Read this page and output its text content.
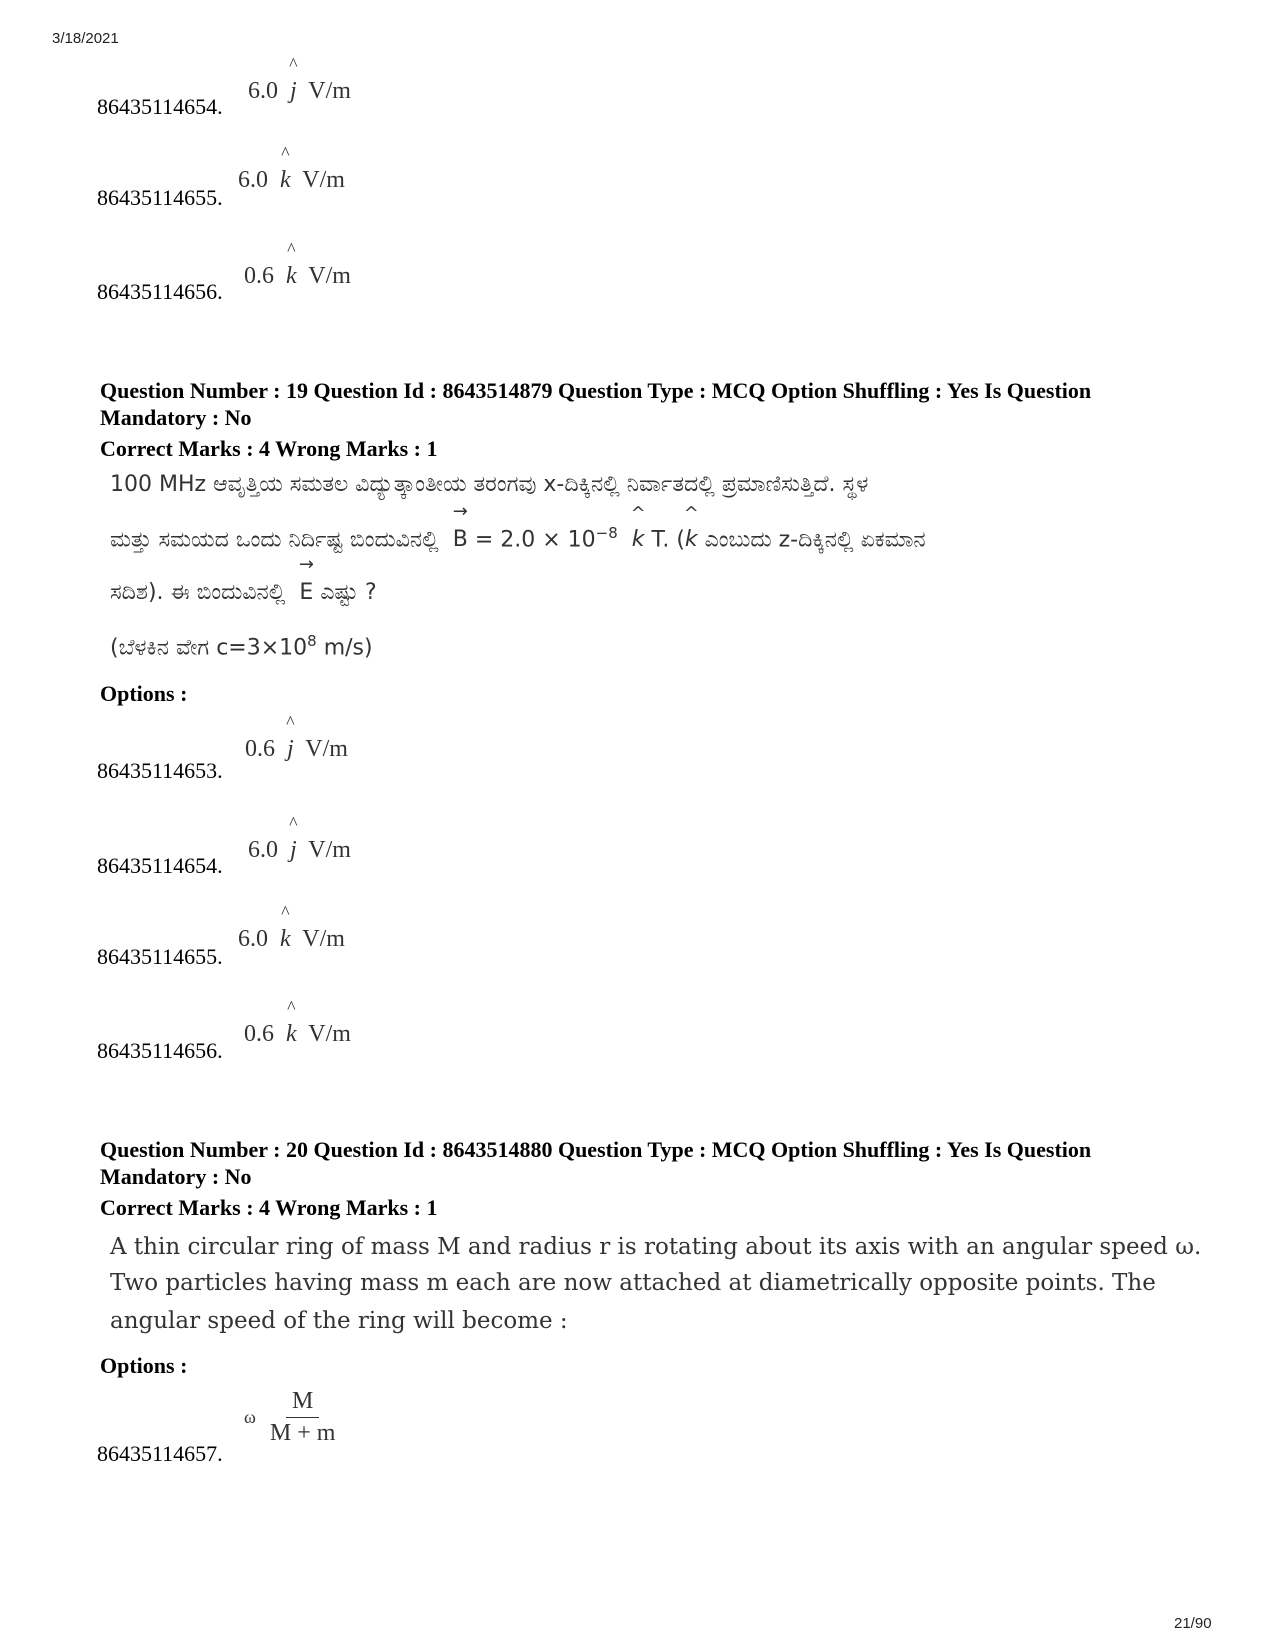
3/18/2021
21/90
86435114654.
6.0
^
j V/m
86435114655.
6.0
^
k V/m
86435114656.
0.6
^
k V/m
Question Number : 19 Question Id : 8643514879 Question Type : MCQ Option Shuffling : Yes Is Question Mandatory : No
Correct Marks : 4 Wrong Marks : 1
100 MHz ಆವೃತ್ತಿಯ ಸಮತಲ ವಿದ್ಯುತ್ಕಾಂತೀಯ ತರಂಗವು x-ದಿಕ್ಕಿನಲ್ಲಿ ನಿರ್ವಾತದಲ್ಲಿ ಪ್ರಮಾಣಿಸುತ್ತಿದೆ. ಸ್ಥಳ
ಮತ್ತು ಸಮಯದ ಒಂದು ನಿರ್ದಿಷ್ಟ ಬಿಂದುವಿನಲ್ಲಿ
→
$B = 2.0 \times 10^{-8}$
^
k T. (
^
k ಎಂಬುದು z-ದಿಕ್ಕಿನಲ್ಲಿ ಏಕಮಾನ
ಸದಿಶ). ಈ ಬಿಂದುವಿನಲ್ಲಿ
→
E ಎಷ್ಟು ?
(ಬೆಳಕಿನ ವೇಗ $c=3\times 10^8$ m/s)
Options :
86435114653.
0.6
^
j V/m
86435114654.
6.0
^
j V/m
86435114655.
6.0
^
k V/m
86435114656.
0.6
^
k V/m
Question Number : 20 Question Id : 8643514880 Question Type : MCQ Option Shuffling : Yes Is Question Mandatory : No
Correct Marks : 4 Wrong Marks : 1
A thin circular ring of mass M and radius r is rotating about its axis with an angular speed ω.
Two particles having mass m each are now attached at diametrically opposite points. The
angular speed of the ring will become :
Options :
86435114657.
ω $\frac{M}{M + m}$
